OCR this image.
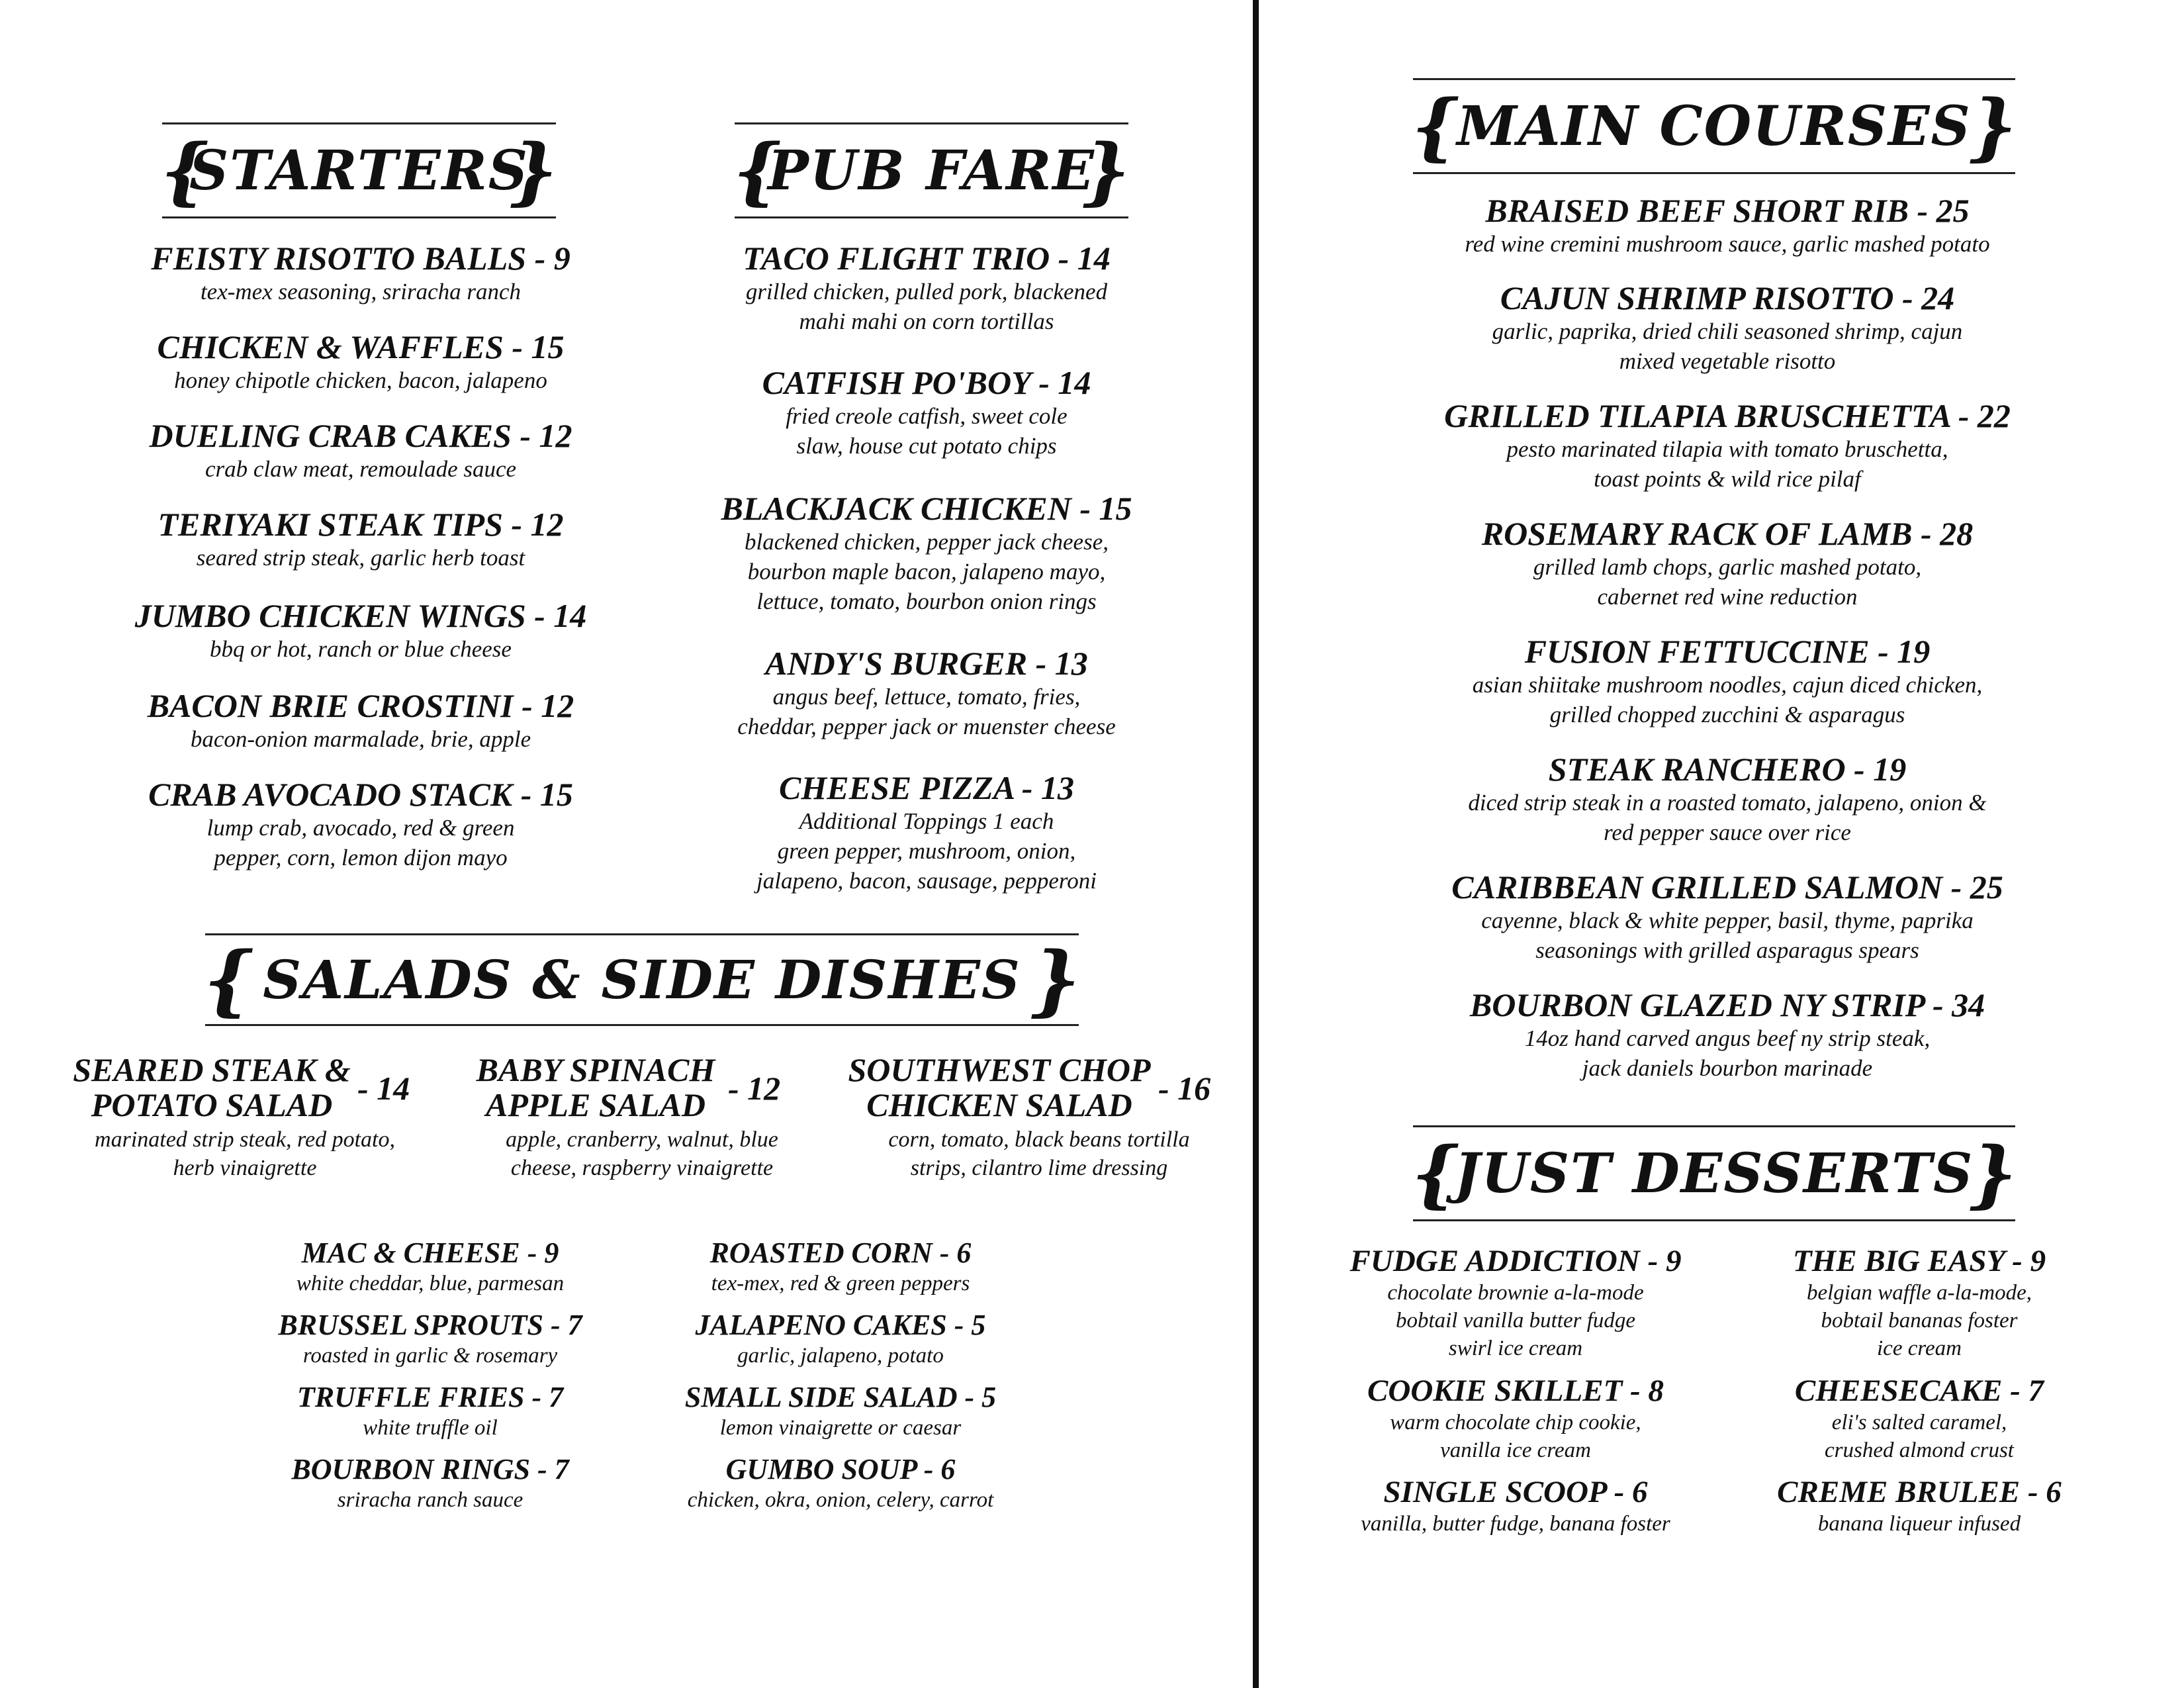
{	}
STARTERS
FEISTY RISOTTO BALLS - 9
tex-mex seasoning, sriracha ranch
CHICKEN & WAFFLES - 15
honey chipotle chicken, bacon, jalapeno
DUELING CRAB CAKES - 12
crab claw meat, remoulade sauce
TERIYAKI STEAK TIPS - 12
seared strip steak, garlic herb toast
JUMBO CHICKEN WINGS - 14
bbq or hot, ranch or blue cheese
BACON BRIE CROSTINI - 12
bacon-onion marmalade, brie, apple
CRAB AVOCADO STACK - 15
lump crab, avocado, red & green
pepper, corn, lemon dijon mayo
{	}
PUB FARE
TACO FLIGHT TRIO - 14
grilled chicken, pulled pork, blackened
mahi mahi on corn tortillas
CATFISH PO'BOY - 14
fried creole catfish, sweet cole
slaw, house cut potato chips
BLACKJACK CHICKEN - 15
blackened chicken, pepper jack cheese,
bourbon maple bacon, jalapeno mayo,
lettuce, tomato, bourbon onion rings
ANDY'S BURGER - 13
angus beef, lettuce, tomato, fries,
cheddar, pepper jack or muenster cheese
CHEESE PIZZA - 13
Additional Toppings 1 each
green pepper, mushroom, onion,
jalapeno, bacon, sausage, pepperoni
{	}
SALADS & SIDE DISHES
SEARED STEAK &
POTATO SALAD - 14
marinated strip steak, red potato,
herb vinaigrette
BABY SPINACH
APPLE SALAD - 12
apple, cranberry, walnut, blue
cheese, raspberry vinaigrette
SOUTHWEST CHOP
CHICKEN SALAD - 16
corn, tomato, black beans tortilla
strips, cilantro lime dressing
MAC & CHEESE - 9
white cheddar, blue, parmesan
BRUSSEL SPROUTS - 7
roasted in garlic & rosemary
TRUFFLE FRIES - 7
white truffle oil
BOURBON RINGS - 7
sriracha ranch sauce
ROASTED CORN - 6
tex-mex, red & green peppers
JALAPENO CAKES - 5
garlic, jalapeno, potato
SMALL SIDE SALAD - 5
lemon vinaigrette or caesar
GUMBO SOUP - 6
chicken, okra, onion, celery, carrot
{	}
MAIN COURSES
BRAISED BEEF SHORT RIB - 25
red wine cremini mushroom sauce, garlic mashed potato
CAJUN SHRIMP RISOTTO - 24
garlic, paprika, dried chili seasoned shrimp, cajun
mixed vegetable risotto
GRILLED TILAPIA BRUSCHETTA - 22
pesto marinated tilapia with tomato bruschetta,
toast points & wild rice pilaf
ROSEMARY RACK OF LAMB - 28
grilled lamb chops, garlic mashed potato,
cabernet red wine reduction
FUSION FETTUCCINE - 19
asian shiitake mushroom noodles, cajun diced chicken,
grilled chopped zucchini & asparagus
STEAK RANCHERO - 19
diced strip steak in a roasted tomato, jalapeno, onion &
red pepper sauce over rice
CARIBBEAN GRILLED SALMON - 25
cayenne, black & white pepper, basil, thyme, paprika
seasonings with grilled asparagus spears
BOURBON GLAZED NY STRIP - 34
14oz hand carved angus beef ny strip steak,
jack daniels bourbon marinade
{	}
JUST DESSERTS
FUDGE ADDICTION - 9
chocolate brownie a-la-mode
bobtail vanilla butter fudge
swirl ice cream
COOKIE SKILLET - 8
warm chocolate chip cookie,
vanilla ice cream
SINGLE SCOOP - 6
vanilla, butter fudge, banana foster
THE BIG EASY - 9
belgian waffle a-la-mode,
bobtail bananas foster
ice cream
CHEESECAKE - 7
eli's salted caramel,
crushed almond crust
CREME BRULEE - 6
banana liqueur infused
